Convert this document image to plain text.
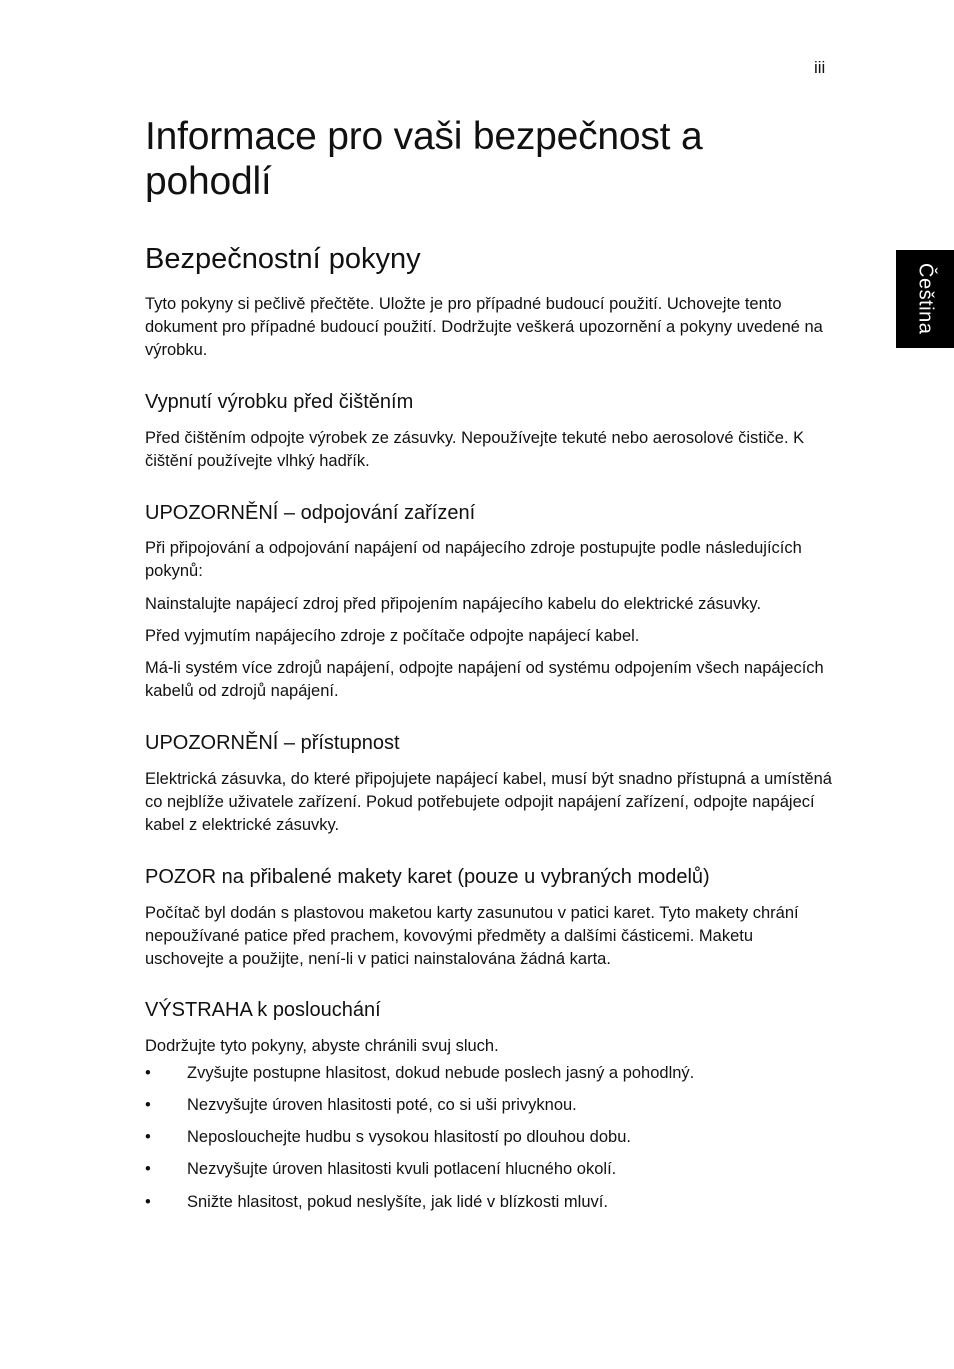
iii
Čeština
Informace pro vaši bezpečnost a pohodlí
Bezpečnostní pokyny

Tyto pokyny si pečlivě přečtěte. Uložte je pro případné budoucí použití. Uchovejte tento dokument pro případné budoucí použití. Dodržujte veškerá upozornění a pokyny uvedené na výrobku.

Vypnutí výrobku před čištěním

Před čištěním odpojte výrobek ze zásuvky. Nepoužívejte tekuté nebo aerosolové čističe. K čištění používejte vlhký hadřík.

UPOZORNĚNÍ – odpojování zařízení

Při připojování a odpojování napájení od napájecího zdroje postupujte podle následujících pokynů:

Nainstalujte napájecí zdroj před připojením napájecího kabelu do elektrické zásuvky.

Před vyjmutím napájecího zdroje z počítače odpojte napájecí kabel.

Má-li systém více zdrojů napájení, odpojte napájení od systému odpojením všech napájecích kabelů od zdrojů napájení.

UPOZORNĚNÍ – přístupnost

Elektrická zásuvka, do které připojujete napájecí kabel, musí být snadno přístupná a umístěná co nejblíže uživatele zařízení. Pokud potřebujete odpojit napájení zařízení, odpojte napájecí kabel z elektrické zásuvky.

POZOR na přibalené makety karet (pouze u vybraných modelů)

Počítač byl dodán s plastovou maketou karty zasunutou v patici karet. Tyto makety chrání nepoužívané patice před prachem, kovovými předměty a dalšími částicemi. Maketu uschovejte a použijte, není-li v patici nainstalována žádná karta.

VÝSTRAHA k poslouchání

Dodržujte tyto pokyny, abyste chránili svuj sluch.

• Zvyšujte postupne hlasitost, dokud nebude poslech jasný a pohodlný.
• Nezvyšujte úroven hlasitosti poté, co si uši privyknou.
• Neposlouchejte hudbu s vysokou hlasitostí po dlouhou dobu.
• Nezvyšujte úroven hlasitosti kvuli potlacení hlucného okolí.
• Snižte hlasitost, pokud neslyšíte, jak lidé v blízkosti mluví.
